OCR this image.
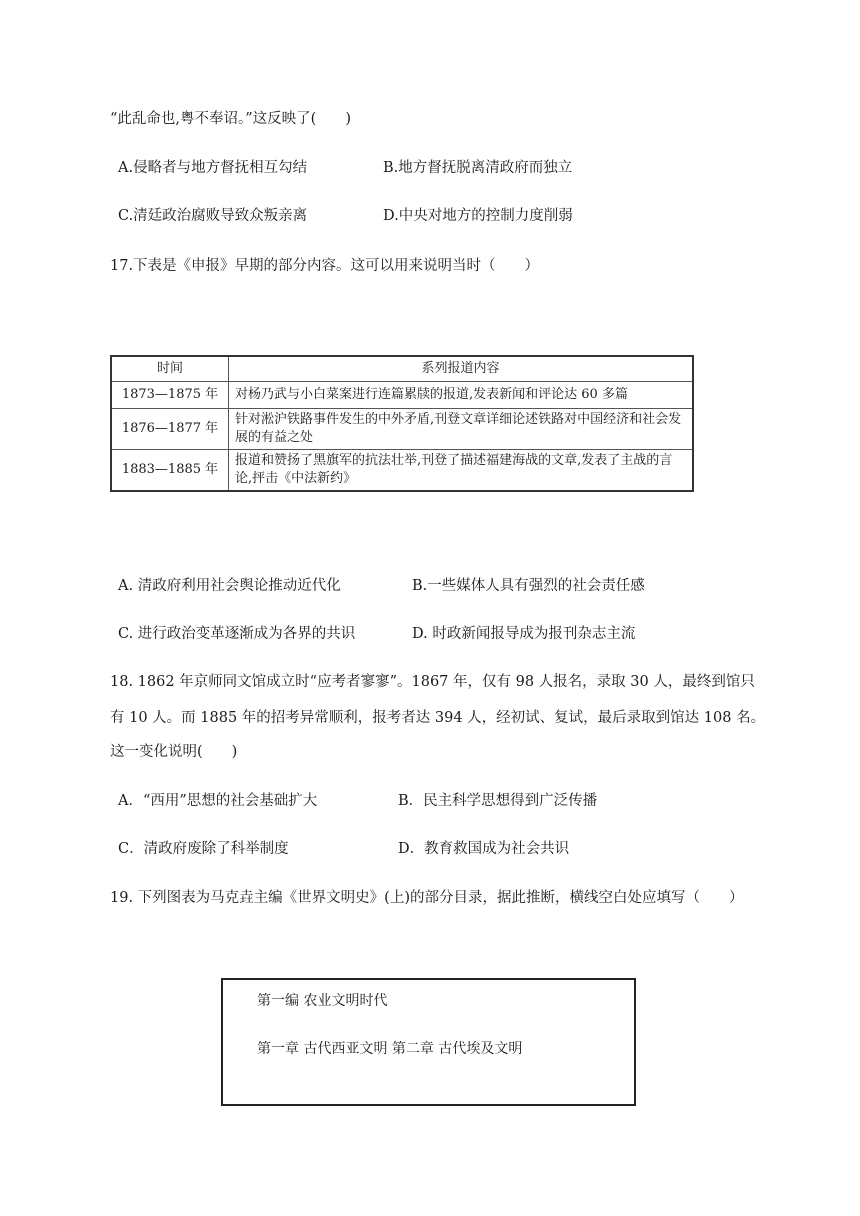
“此乱命也,粤不奉诏。”这反映了(　　)
A.侵略者与地方督抚相互勾结	B.地方督抚脱离清政府而独立
C.清廷政治腐败导致众叛亲离	D.中央对地方的控制力度削弱
17.下表是《申报》早期的部分内容。这可以用来说明当时（　　）
时间	系列报道内容
1873—1875 年	对杨乃武与小白菜案进行连篇累牍的报道,发表新闻和评论达 60 多篇
1876—1877 年	针对淞沪铁路事件发生的中外矛盾,刊登文章详细论述铁路对中国经济和社会发展的有益之处
1883—1885 年	报道和赞扬了黑旗军的抗法壮举,刊登了描述福建海战的文章,发表了主战的言论,抨击《中法新约》
A. 清政府利用社会舆论推动近代化	B.一些媒体人具有强烈的社会责任感
C. 进行政治变革逐渐成为各界的共识	D. 时政新闻报导成为报刊杂志主流
18. 1862 年京师同文馆成立时“应考者寥寥”。1867 年，仅有 98 人报名，录取 30 人，最终到馆只
有 10 人。而 1885 年的招考异常顺利，报考者达 394 人，经初试、复试，最后录取到馆达 108 名。
这一变化说明(　　)
A．“西用”思想的社会基础扩大	B．民主科学思想得到广泛传播
C．清政府废除了科举制度	D．教育救国成为社会共识
19. 下列图表为马克垚主编《世界文明史》(上)的部分目录，据此推断，横线空白处应填写（　　）
第一编 农业文明时代
第一章 古代西亚文明 第二章 古代埃及文明
